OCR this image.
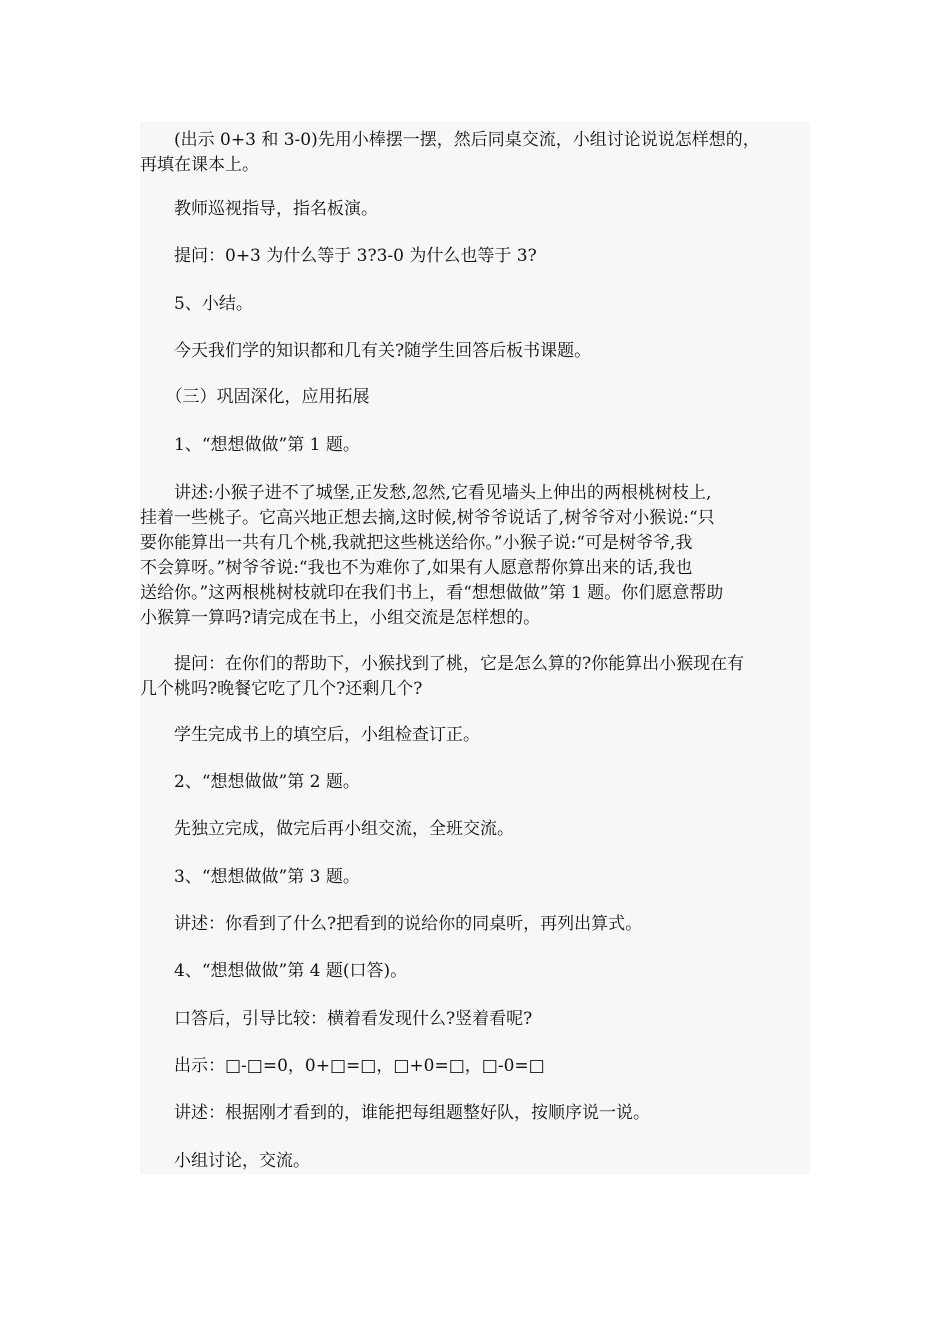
　　(出示 0+3 和 3-0)先用小棒摆一摆，然后同桌交流，小组讨论说说怎样想的，
再填在课本上。
　　教师巡视指导，指名板演。
　　提问：0+3 为什么等于 3?3-0 为什么也等于 3?
　　5、小结。
　　今天我们学的知识都和几有关?随学生回答后板书课题。
　　（三）巩固深化，应用拓展
　　1、“想想做做”第 1 题。
　　讲述:小猴子进不了城堡,正发愁,忽然,它看见墙头上伸出的两根桃树枝上,
挂着一些桃子。它高兴地正想去摘,这时候,树爷爷说话了,树爷爷对小猴说:“只
要你能算出一共有几个桃,我就把这些桃送给你。”小猴子说:“可是树爷爷,我
不会算呀。”树爷爷说:“我也不为难你了,如果有人愿意帮你算出来的话,我也
送给你。”这两根桃树枝就印在我们书上，看“想想做做”第 1 题。你们愿意帮助
小猴算一算吗?请完成在书上，小组交流是怎样想的。
　　提问：在你们的帮助下，小猴找到了桃，它是怎么算的?你能算出小猴现在有
几个桃吗?晚餐它吃了几个?还剩几个?
　　学生完成书上的填空后，小组检查订正。
　　2、“想想做做”第 2 题。
　　先独立完成，做完后再小组交流，全班交流。
　　3、“想想做做”第 3 题。
　　讲述：你看到了什么?把看到的说给你的同桌听，再列出算式。
　　4、“想想做做”第 4 题(口答)。
　　口答后，引导比较：横着看发现什么?竖着看呢?
　　出示：□-□=0，0+□=□，□+0=□，□-0=□
　　讲述：根据刚才看到的，谁能把每组题整好队，按顺序说一说。
　　小组讨论，交流。
